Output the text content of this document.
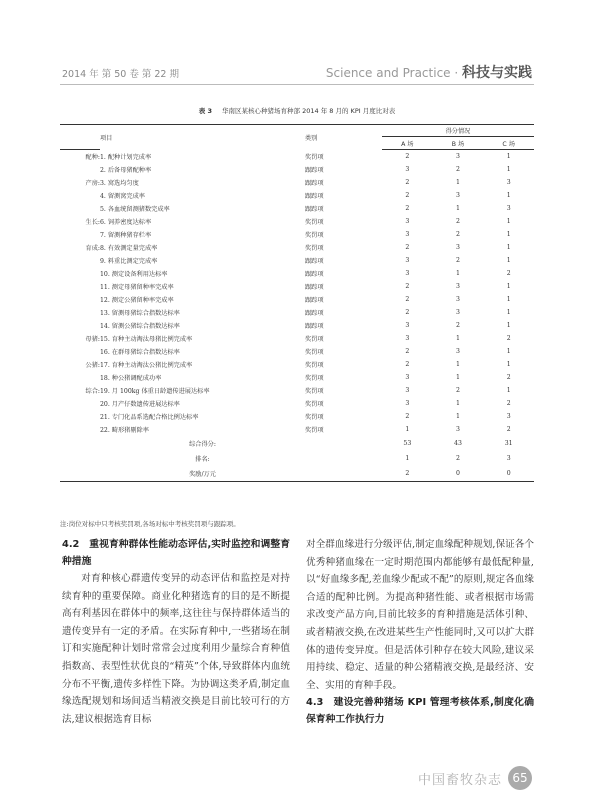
2014 年 第 50 卷 第 22 期	Science and Practice · 科技与实践
表 3 华南区某核心种猪场育种部 2014 年 8 月的 KPI 月度比对表
	项目	类别	得分情况		
			A 场	B 场	C 场
配种:	1. 配种计划完成率	奖罚项	2	3	1
	2. 后备母猪配种率	跟踪项	3	2	1
产房:	3. 窝选均匀度	跟踪项	2	1	3
	4. 留测窝完成率	跟踪项	2	3	1
	5. 各血统留测猪数完成率	跟踪项	2	1	3
生长:	6. 饲养密度达标率	奖罚项	3	2	1
	7. 留测种猪存栏率	奖罚项	3	2	1
育成:	8. 有效测定量完成率	奖罚项	2	3	1
	9. 料重比测定完成率	跟踪项	3	2	1
	10. 测定设备利用达标率	跟踪项	3	1	2
	11. 测定母猪留种率完成率	跟踪项	2	3	1
	12. 测定公猪留种率完成率	跟踪项	2	3	1
	13. 留测母猪综合指数达标率	跟踪项	2	3	1
	14. 留测公猪综合指数达标率	跟踪项	3	2	1
母猪:	15. 育种主动淘汰母猪比例完成率	奖罚项	3	1	2
	16. 在群母猪综合指数达标率	奖罚项	2	3	1
公猪:	17. 育种主动淘汰公猪比例完成率	奖罚项	2	1	1
	18. 种公猪调配成功率	奖罚项	3	1	2
综合:	19. 月 100kg 体重日龄遗传进展达标率	奖罚项	3	2	1
	20. 月产仔数遗传进展达标率	奖罚项	3	1	2
	21. 专门化品系选配合格比例达标率	奖罚项	2	1	3
	22. 畸形猪剔除率	奖罚项	1	3	2
	综合得分:		53	43	31
	排名:		1	2	3
	奖励/万元		2	0	0
注:岗位对标中只考核奖罚项,各场对标中考核奖罚项与跟踪项。

4.2　重视育种群体性能动态评估,实时监控和调整育种措施

对育种核心群遗传变异的动态评估和监控是对持续育种的重要保障。商业化种猪选育的目的是不断提高有利基因在群体中的频率,这往往与保持群体适当的遗传变异有一定的矛盾。在实际育种中,一些猪场在制订和实施配种计划时常常会过度利用少量综合育种值指数高、表型性状优良的“精英”个体,导致群体内血统分布不平衡,遗传多样性下降。为协调这类矛盾,制定血缘选配规划和场间适当精液交换是目前比较可行的方法,建议根据选育目标

对全群血缘进行分级评估,制定血缘配种规划,保证各个优秀种猪血缘在一定时期范围内都能够有最低配种量,以“好血缘多配,差血缘少配或不配”的原则,规定各血缘合适的配种比例。为提高种猪性能、或者根据市场需求改变产品方向,目前比较多的育种措施是活体引种、或者精液交换,在改进某些生产性能同时,又可以扩大群体的遗传变异度。但是活体引种存在较大风险,建议采用持续、稳定、适量的种公猪精液交换,是最经济、安全、实用的育种手段。

4.3　建设完善种猪场 KPI 管理考核体系,制度化确保育种工作执行力

中国畜牧杂志 65
